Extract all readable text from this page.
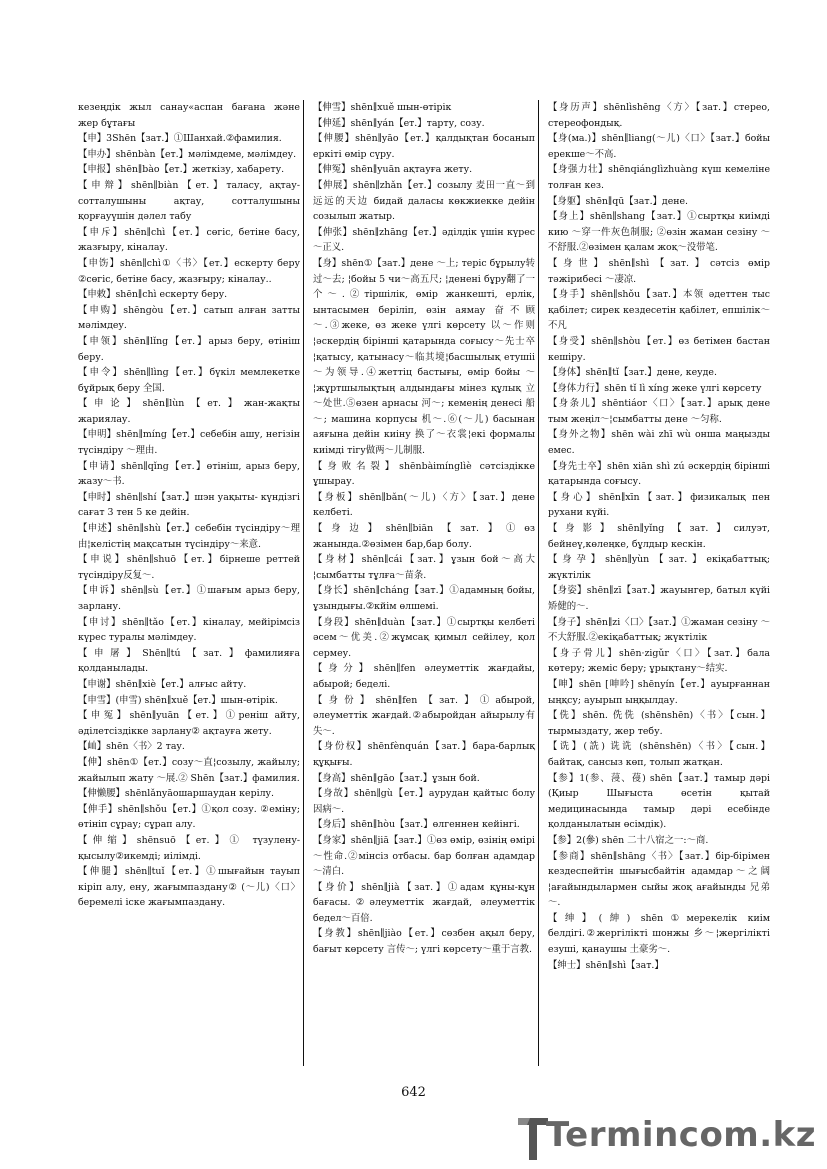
кезеңдік жыл санау«аспан бағана және жер бұтағы

【申】3Shēn【зат.】①Шанхай.②фамилия.

【申办】shēnbàn【ет.】мәлімдеме, мәлімдеу.

【申报】shēn∥bào【ет.】жеткізу, хабарету.

【申辩】shēn∥biàn【ет.】таласу, ақтау- сотталушыны ақтау, сотталушыны қорғауүшін дәлел табу

【申斥】shēn∥chì【ет.】сөгіс, бетіне басу, жазғыру, кіналау.

【申饬】shēn∥chì①〈书〉【ет.】ескерту беру ②сөгіс, бетіне басу, жазғыру; кіналау..

【申敕】shēn∥chì ескерту беру.

【申购】shēngòu【ет.】сатып алған затты мәлімдеу.

【申领】shēn∥lǐng【ет.】арыз беру, өтініш беру.

【申令】shēn∥lìng【ет.】бүкіл мемлекетке бұйрық беру 全国.

【申论】shēn∥lùn【ет.】жан-жақты жариялау.

【申明】shēn∥míng【ет.】себебін ашу, негізін түсіндіру ～理由.

【申请】shēn∥qǐng【ет.】өтініш, арыз беру, жазу～书.

【申时】shēn∥shí【зат.】шэн уақыты- күндізгі сағат 3 тен 5 ке дейін.

【申述】shēn∥shù【ет.】себебін түсіндіру～理由¦келістің мақсатын түсіндіру～来意.

【申说】shēn∥shuō【ет.】бірнеше реттей түсіндіру反复～.

【申诉】shēn∥sù【ет.】①шағым арыз беру, зарлану.

【申讨】shēn∥tǎo【ет.】кіналау, мейірімсіз күрес туралы мәлімдеу.

【申屠】Shēn∥tú【зат.】фамилияға қолданылады.

【申谢】shēn∥xiè【ет.】алғыс айту.

【申雪】(申雪) shēn∥xuě【ет.】шын-өтірік.

【申冤】shēn∥yuān【ет.】①реніш айту, әділетсіздікке зарлану② ақтауға жету.

【屾】shēn〈书〉2 тау.

【伸】shēn①【ет.】созу～直¦созылу, жайылу; жайылып жату ～展.② Shēn【зат.】фамилия.

【伸懒腰】shēnlǎnyāoшаршаудан керілу.

【伸手】shēn∥shǒu【ет.】①қол созу. ②еміну; өтініп сұрау; сұрап алу.

【伸缩】shēnsuō【ет.】① түзулену-қысылу②икемді; иілімді.

【伸腿】shēn∥tuǐ【ет.】①шығайын тауып кіріп алу, ену, жағымпаздану② (～儿)〈口〉беремелі іске жағымпаздану.

【伸雪】shēn∥xuě шын-өтірік

【伸延】shēn∥yán【ет.】тарту, созу.

【伸腰】shēn∥yāo【ет.】қалдықтан босанып еркіті өмір сүру.

【伸冤】shēn∥yuān ақтауға жету.

【伸展】shēn∥zhǎn【ет.】созылу 麦田一直～到远远的天边 бидай даласы көкжиекке дейін созылып жатыр.

【伸张】shēn∥zhāng【ет.】әділдік үшін күрес ～正义.

【身】shēn①【зат.】дене ～上; теріс бұрылу转过～去; ¦бойы 5 чи～高五尺; ¦денені бұру翻了一个～.②тіршілік, өмір жанкешті, ерлік, ынтасымен беріліп, өзін аямау 奋不顾～.③жеке, өз жеке үлгі көрсету 以～作则¦әскердің бірінші қатарында соғысу～先士卒¦қатысу, қатынасу～临其境¦басшылық етушіі ～为领导.④жеттіц бастығы, өмір бойы ～¦жұртшылықтың алдындағы мінез құлық 立～处世.⑤өзен арнасы 河～; кеменің денесі 船～; машина корпусы 机～.⑥(～儿) басынан аяғына дейін киіну 换了～衣裳¦екі формалы киімді тігу做两～儿制服.

【身败名裂】shēnbàimínglìè сәтсіздікке ұшырау.

【身板】shēn∥bǎn(～儿)〈方〉【зат.】дене келбеті.

【身边】shēn∥biān【зат.】①өз жанында.②өзімен бар,бар болу.

【身材】shēn∥cái【зат.】ұзын бой～高大¦сымбатты тұлға～苗条.

【身长】shēn∥cháng【зат.】①адамның бойы, ұзындығы.②кйім өлшемі.

【身段】shēn∥duàn【зат.】①сыртқы келбеті әсем～优美.②жұмсақ қимыл сейілеу, қол сермеу.

【身分】shēn∥fen әлеуметтік жағдайы, абырой; беделі.

【身份】shēn∥fen【зат.】①абырой, әлеуметтік жағдай.②абыройдан айырылу有失～.

【身份权】shēnfènquán【зат.】бара-барлық құқығы.

【身高】shēn∥gāo【зат.】ұзын бой.

【身故】shēn∥gù【ет.】аурудан қайтыс болу因病～.

【身后】shēn∥hòu【зат.】өлгеннен кейінгі.

【身家】shēn∥jiā【зат.】①өз өмір, өзінің өмірі～性命.②мінсіз отбасы. бар болған адамдар～清白.

【身价】shēn∥jià【зат.】①адам құны-құн бағасы.②әлеуметтік жағдай, әлеуметтік бедел～百倍.

【身教】shēn∥jiào【ет.】сөзбен ақыл беру, бағыт көрсету 言传～; үлгі көрсету～重于言教.

【身历声】shēnlìshēng〈方〉【зат.】стерео, стереофондық.

【身(ма.)】shēn∥liang(～儿)〈口〉【зат.】бойы ерекше～不高.

【身强力壮】shēnqiánglìzhuàng күш кемеліне толған кез.

【身躯】shēn∥qū【зат.】дене.

【身上】shēn∥shang【зат.】①сыртқы киімді кию ～穿一件灰色制服; ②өзін жаман сезіну ～不舒服.②өзімен қалам жоқ～没带笔.

【身世】shēn∥shì【зат.】сәтсіз өмір тәжірибесі ～凄凉.

【身手】shēn∥shǒu【зат.】本领 әдеттен тыс қабілет; сирек кездесетін қабілет, епшілік～不凡

【身受】shēn∥shòu【ет.】өз бетімен бастан кешіру.

【身体】shēn∥tǐ【зат.】дене, кеуде.

【身体力行】shēn tǐ lì xíng жеке үлгі көрсету

【身条儿】shēntiáor〈口〉【зат.】арық дене тым жеңіл～¦сымбатты дене ～匀称.

【身外之物】shēn wài zhī wù онша маңызды емес.

【身先士卒】shēn xiān shì zú әскердің бірінші қатарында соғысу.

【身心】shēn∥xīn【зат.】физикалық пен рухани күйі.

【身影】shēn∥yǐng【зат.】силуэт, бейнеү,көлеңке, бұлдыр кескін.

【身孕】shēn∥yùn【зат.】екіқабаттық; жүктілік

【身姿】shēn∥zī【зат.】жауынгер, батыл күйі矫健的～.

【身子】shēn∥zi〈口〉【зат.】①жаман сезіну ～不大舒服.②екіқабаттық; жүктілік

【身子骨儿】shēn·zigǔr〈口〉【зат.】бала көтеру; жеміс беру; ұрықтану～结实.

【呻】shēn [呻吟] shēnyín【ет.】ауырғаннан ыңқсу; ауырып ыңқылдау.

【侁】shēn. 侁侁 (shēnshēn)〈书〉【сын.】тырмыздату, жер тебу.

【诜】(詵) 诜诜 (shēnshēn)〈书〉【сын.】байтақ, сансыз көп, толып жатқан.

【参】1(参、蓡、葠) shēn【зат.】тамыр дәрі (Қиыр Шығыста өсетін қытай медицинасында тамыр дәрі есебінде қолданылатын өсімдік).

【参】2(參) shēn 二十八宿之一:～商.

【参商】shēn∥shāng〈书〉【зат.】бір-бірімен кездеспейтін шығысбайтін адамдар～之阔¦ағайындылармен сыйы жоқ ағайынды 兄弟～.

【绅】(紳) shēn①мерекелік киім белдігі.②жергілікті шонжы 乡～¦жергілікті езуші, қанаушы 土豪劣～.

【绅士】shēn∥shì【зат.】

642
Termincom.kz
